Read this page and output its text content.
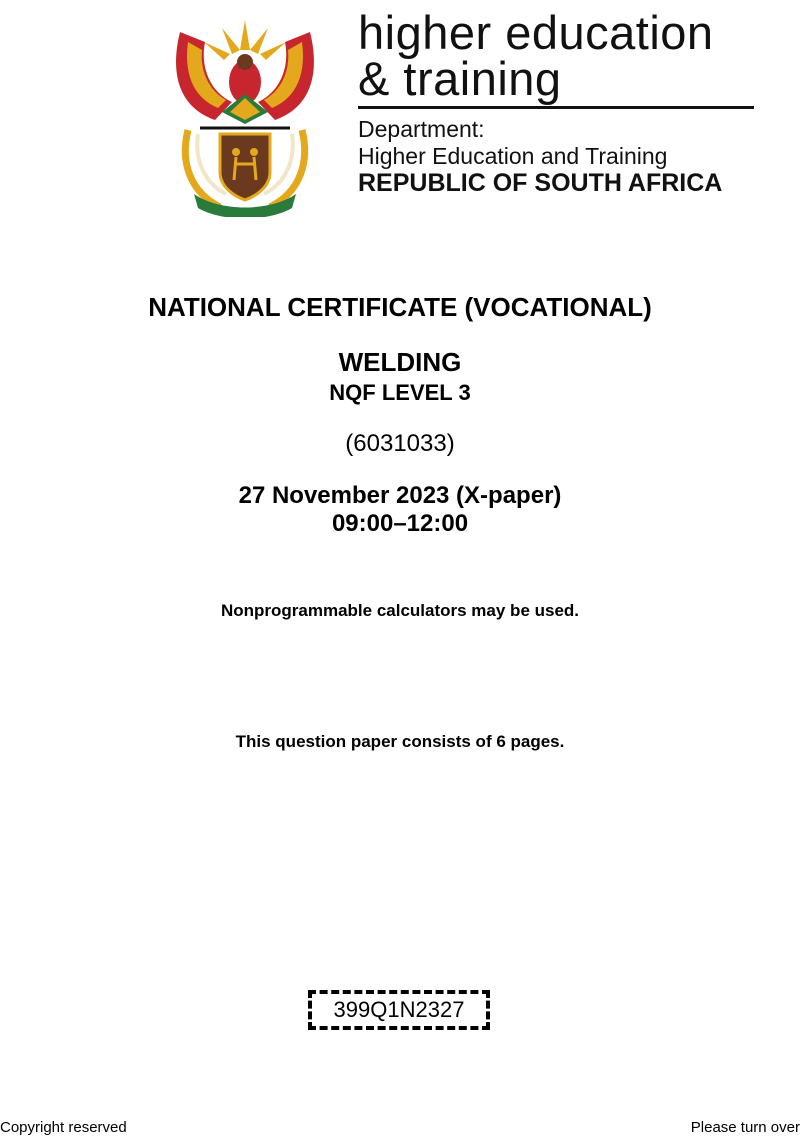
higher education
& training
Department:
Higher Education and Training
REPUBLIC OF SOUTH AFRICA
NATIONAL CERTIFICATE (VOCATIONAL)
WELDING
NQF LEVEL 3
(6031033)
27 November 2023 (X-paper)
09:00–12:00
Nonprogrammable calculators may be used.
This question paper consists of 6 pages.
399Q1N2327
Copyright reserved	Please turn over
